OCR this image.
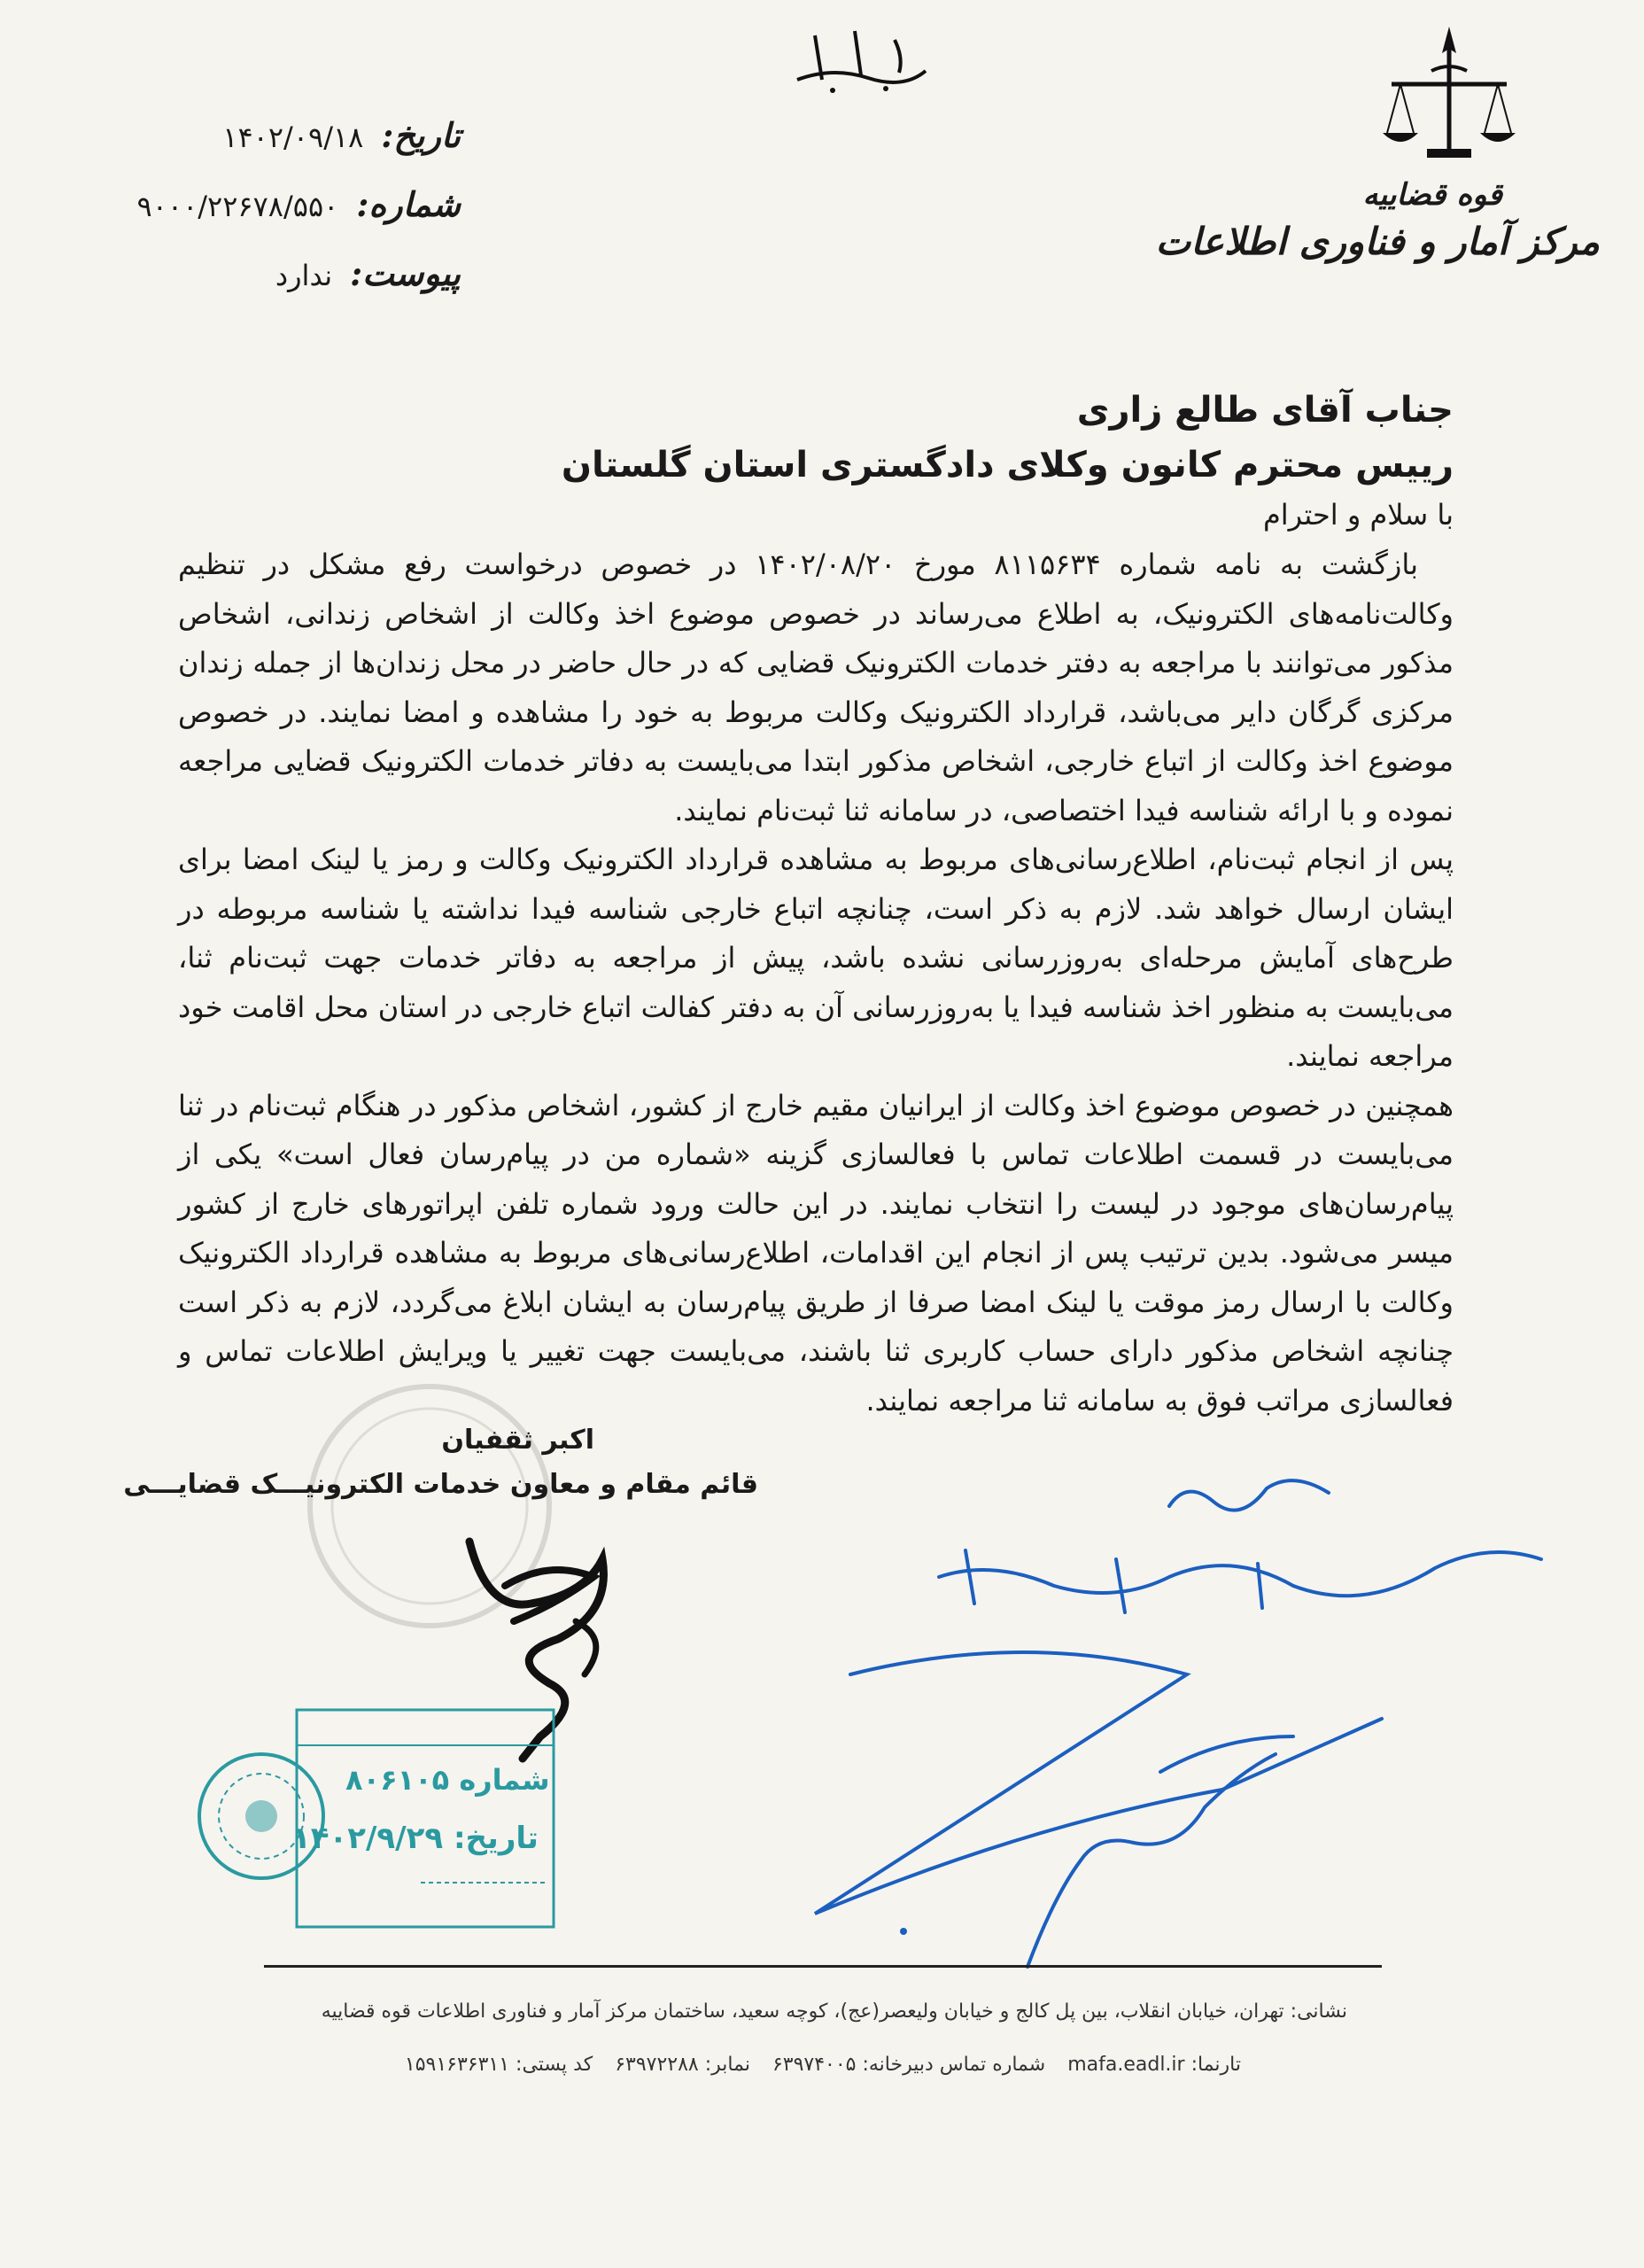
قوه قضاییه
مرکز آمار و فناوری اطلاعات
تاریخ:
۱۴۰۲/۰۹/۱۸
شماره:
۹۰۰۰/۲۲۶۷۸/۵۵۰
پیوست:
ندارد
جناب آقای طالع زاری
رییس محترم کانون وکلای دادگستری استان گلستان
با سلام و احترام

بازگشت به نامه شماره ۸۱۱۵۶۳۴ مورخ ۱۴۰۲/۰۸/۲۰ در خصوص درخواست رفع مشکل در تنظیم وکالت‌نامه‌های الکترونیک، به اطلاع می‌رساند در خصوص موضوع اخذ وکالت از اشخاص زندانی، اشخاص مذکور می‌توانند با مراجعه به دفتر خدمات الکترونیک قضایی که در حال حاضر در محل زندان‌ها از جمله زندان مرکزی گرگان دایر می‌باشد، قرارداد الکترونیک وکالت مربوط به خود را مشاهده و امضا نمایند. در خصوص موضوع اخذ وکالت از اتباع خارجی، اشخاص مذکور ابتدا می‌بایست به دفاتر خدمات الکترونیک قضایی مراجعه نموده و با ارائه شناسه فیدا اختصاصی، در سامانه ثنا ثبت‌نام نمایند.

پس از انجام ثبت‌نام، اطلاع‌رسانی‌های مربوط به مشاهده قرارداد الکترونیک وکالت و رمز یا لینک امضا برای ایشان ارسال خواهد شد. لازم به ذکر است، چنانچه اتباع خارجی شناسه فیدا نداشته یا شناسه مربوطه در طرح‌های آمایش مرحله‌ای به‌روزرسانی نشده باشد، پیش از مراجعه به دفاتر خدمات جهت ثبت‌نام ثنا، می‌بایست به منظور اخذ شناسه فیدا یا به‌روزرسانی آن به دفتر کفالت اتباع خارجی در استان محل اقامت خود مراجعه نمایند.

همچنین در خصوص موضوع اخذ وکالت از ایرانیان مقیم خارج از کشور، اشخاص مذکور در هنگام ثبت‌نام در ثنا می‌بایست در قسمت اطلاعات تماس با فعالسازی گزینه «شماره من در پیام‌رسان فعال است» یکی از پیام‌رسان‌های موجود در لیست را انتخاب نمایند. در این حالت ورود شماره تلفن اپراتورهای خارج از کشور میسر می‌شود. بدین ترتیب پس از انجام این اقدامات، اطلاع‌رسانی‌های مربوط به مشاهده قرارداد الکترونیک وکالت با ارسال رمز موقت یا لینک امضا صرفا از طریق پیام‌رسان به ایشان ابلاغ می‌گردد، لازم به ذکر است چنانچه اشخاص مذکور دارای حساب کاربری ثنا باشند، می‌بایست جهت تغییر یا ویرایش اطلاعات تماس و فعالسازی مراتب فوق به سامانه ثنا مراجعه نمایند.

اکبر ثقفیان
قائم مقام و معاون خدمات الکترونیـــک قضایـــی
شماره ۸۰۶۱۰۵
تاریخ: ۱۴۰۲/۹/۲۹
نشانی: تهران، خیابان انقلاب، بین پل کالج و خیابان ولیعصر(عج)، کوچه سعید، ساختمان مرکز آمار و فناوری اطلاعات قوه قضاییه
تارنما: mafa.eadl.ir شماره تماس دبیرخانه: ۶۳۹۷۴۰۰۵ نمابر: ۶۳۹۷۲۲۸۸ کد پستی: ۱۵۹۱۶۳۶۳۱۱
